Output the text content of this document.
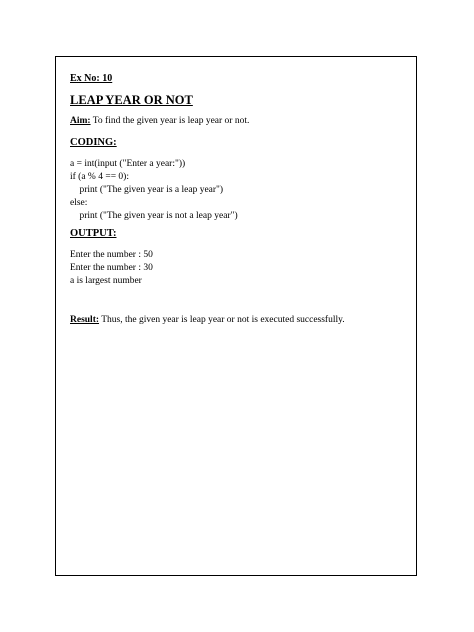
Ex No: 10
LEAP YEAR OR NOT
Aim: To find the given year is leap year or not.
CODING:
a = int(input ("Enter a year:"))
if (a % 4 == 0):
print ("The given year is a leap year")
else:
print ("The given year is not a leap year")
OUTPUT:
Enter the number : 50
Enter the number : 30
a is largest number
Result: Thus, the given year is leap year or not is executed successfully.
